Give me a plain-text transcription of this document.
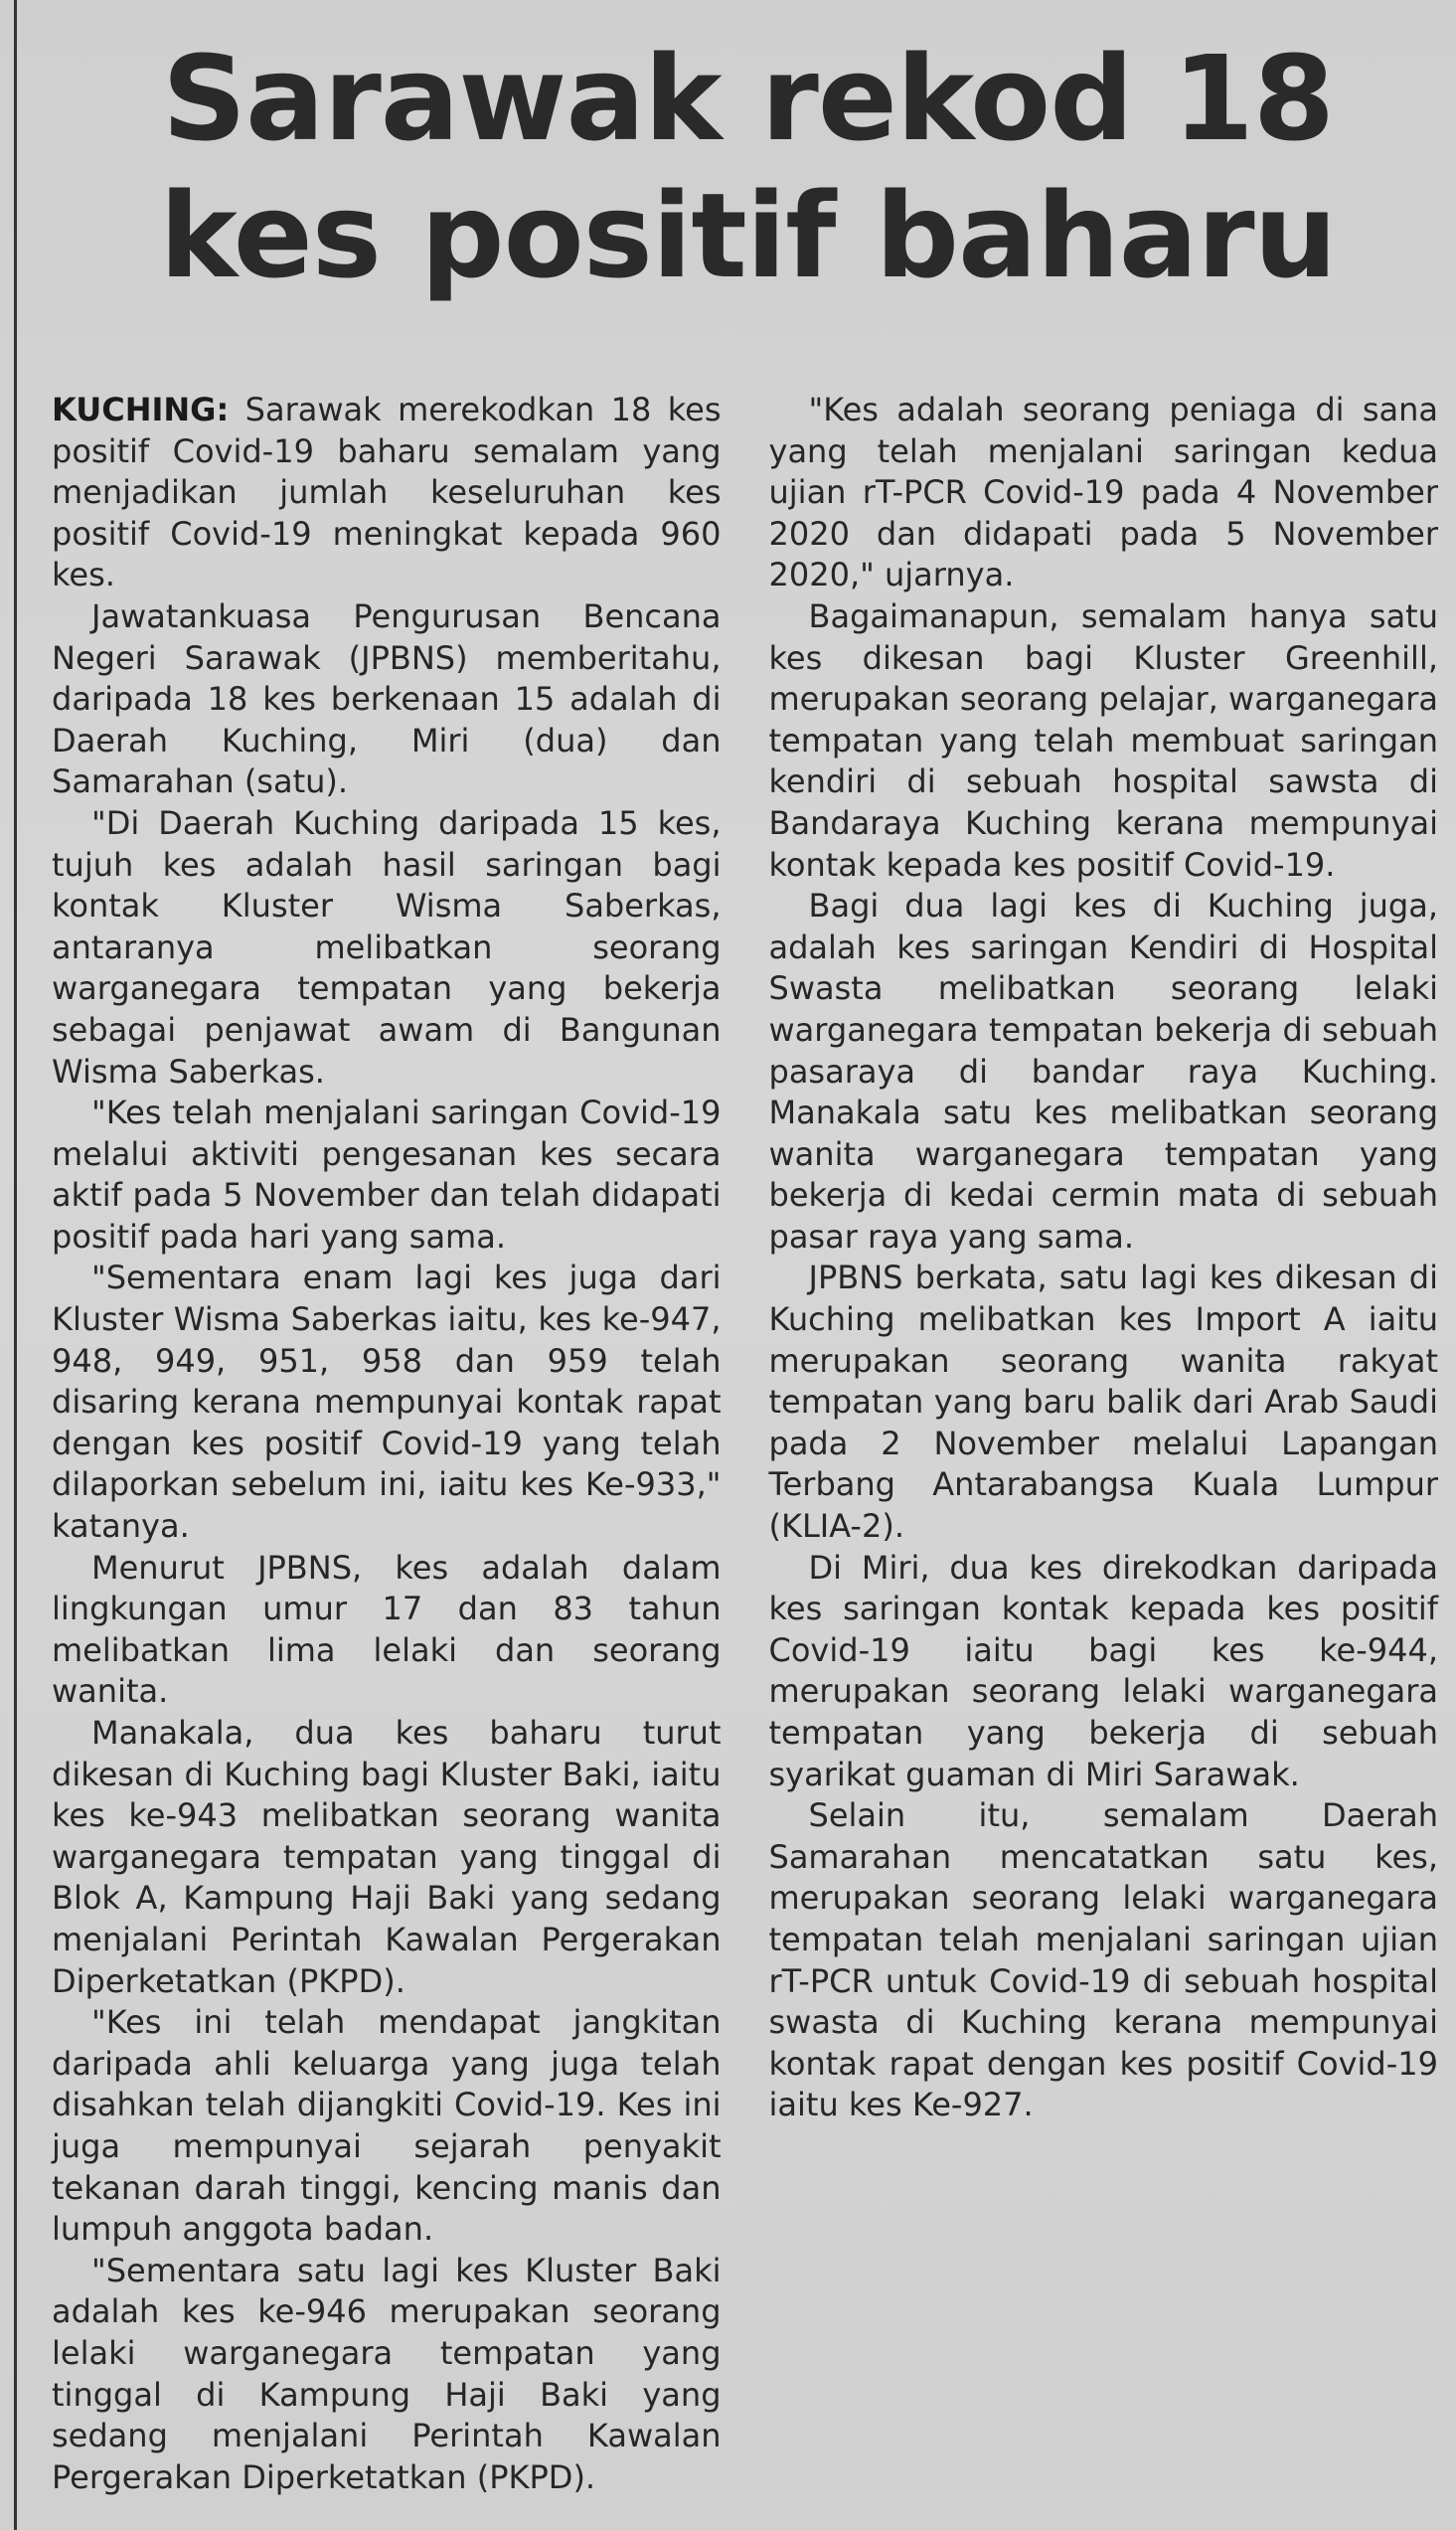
Sarawak rekod 18
kes positif baharu

KUCHING: Sarawak merekodkan 18 kes positif Covid-19 baharu semalam yang menjadikan jumlah keseluruhan kes positif Covid-19 meningkat kepada 960 kes.

Jawatankuasa Pengurusan Bencana Negeri Sarawak (JPBNS) memberitahu, daripada 18 kes berkenaan 15 adalah di Daerah Kuching, Miri (dua) dan Samarahan (satu).

"Di Daerah Kuching daripada 15 kes, tujuh kes adalah hasil saringan bagi kontak Kluster Wisma Saberkas, antaranya melibatkan seorang warganegara tempatan yang bekerja sebagai penjawat awam di Bangunan Wisma Saberkas.

"Kes telah menjalani saringan Covid-19 melalui aktiviti pengesanan kes secara aktif pada 5 November dan telah didapati positif pada hari yang sama.

"Sementara enam lagi kes juga dari Kluster Wisma Saberkas iaitu, kes ke-947, 948, 949, 951, 958 dan 959 telah disaring kerana mempunyai kontak rapat dengan kes positif Covid-19 yang telah dilaporkan sebelum ini, iaitu kes Ke-933," katanya.

Menurut JPBNS, kes adalah dalam lingkungan umur 17 dan 83 tahun melibatkan lima lelaki dan seorang wanita.

Manakala, dua kes baharu turut dikesan di Kuching bagi Kluster Baki, iaitu kes ke-943 melibatkan seorang wanita warganegara tempatan yang tinggal di Blok A, Kampung Haji Baki yang sedang menjalani Perintah Kawalan Pergerakan Diperketatkan (PKPD).

"Kes ini telah mendapat jangkitan daripada ahli keluarga yang juga telah disahkan telah dijangkiti Covid-19. Kes ini juga mempunyai sejarah penyakit tekanan darah tinggi, kencing manis dan lumpuh anggota badan.

"Sementara satu lagi kes Kluster Baki adalah kes ke-946 merupakan seorang lelaki warganegara tempatan yang tinggal di Kampung Haji Baki yang sedang menjalani Perintah Kawalan Pergerakan Diperketatkan (PKPD).

"Kes adalah seorang peniaga di sana yang telah menjalani saringan kedua ujian rT-PCR Covid-19 pada 4 November 2020 dan didapati pada 5 November 2020," ujarnya.

Bagaimanapun, semalam hanya satu kes dikesan bagi Kluster Greenhill, merupakan seorang pelajar, warganegara tempatan yang telah membuat saringan kendiri di sebuah hospital sawsta di Bandaraya Kuching kerana mempunyai kontak kepada kes positif Covid-19.

Bagi dua lagi kes di Kuching juga, adalah kes saringan Kendiri di Hospital Swasta melibatkan seorang lelaki warganegara tempatan bekerja di sebuah pasaraya di bandar raya Kuching. Manakala satu kes melibatkan seorang wanita warganegara tempatan yang bekerja di kedai cermin mata di sebuah pasar raya yang sama.

JPBNS berkata, satu lagi kes dikesan di Kuching melibatkan kes Import A iaitu merupakan seorang wanita rakyat tempatan yang baru balik dari Arab Saudi pada 2 November melalui Lapangan Terbang Antarabangsa Kuala Lumpur (KLIA-2).

Di Miri, dua kes direkodkan daripada kes saringan kontak kepada kes positif Covid-19 iaitu bagi kes ke-944, merupakan seorang lelaki warganegara tempatan yang bekerja di sebuah syarikat guaman di Miri Sarawak.

Selain itu, semalam Daerah Samarahan mencatatkan satu kes, merupakan seorang lelaki warganegara tempatan telah menjalani saringan ujian rT-PCR untuk Covid-19 di sebuah hospital swasta di Kuching kerana mempunyai kontak rapat dengan kes positif Covid-19 iaitu kes Ke-927.
